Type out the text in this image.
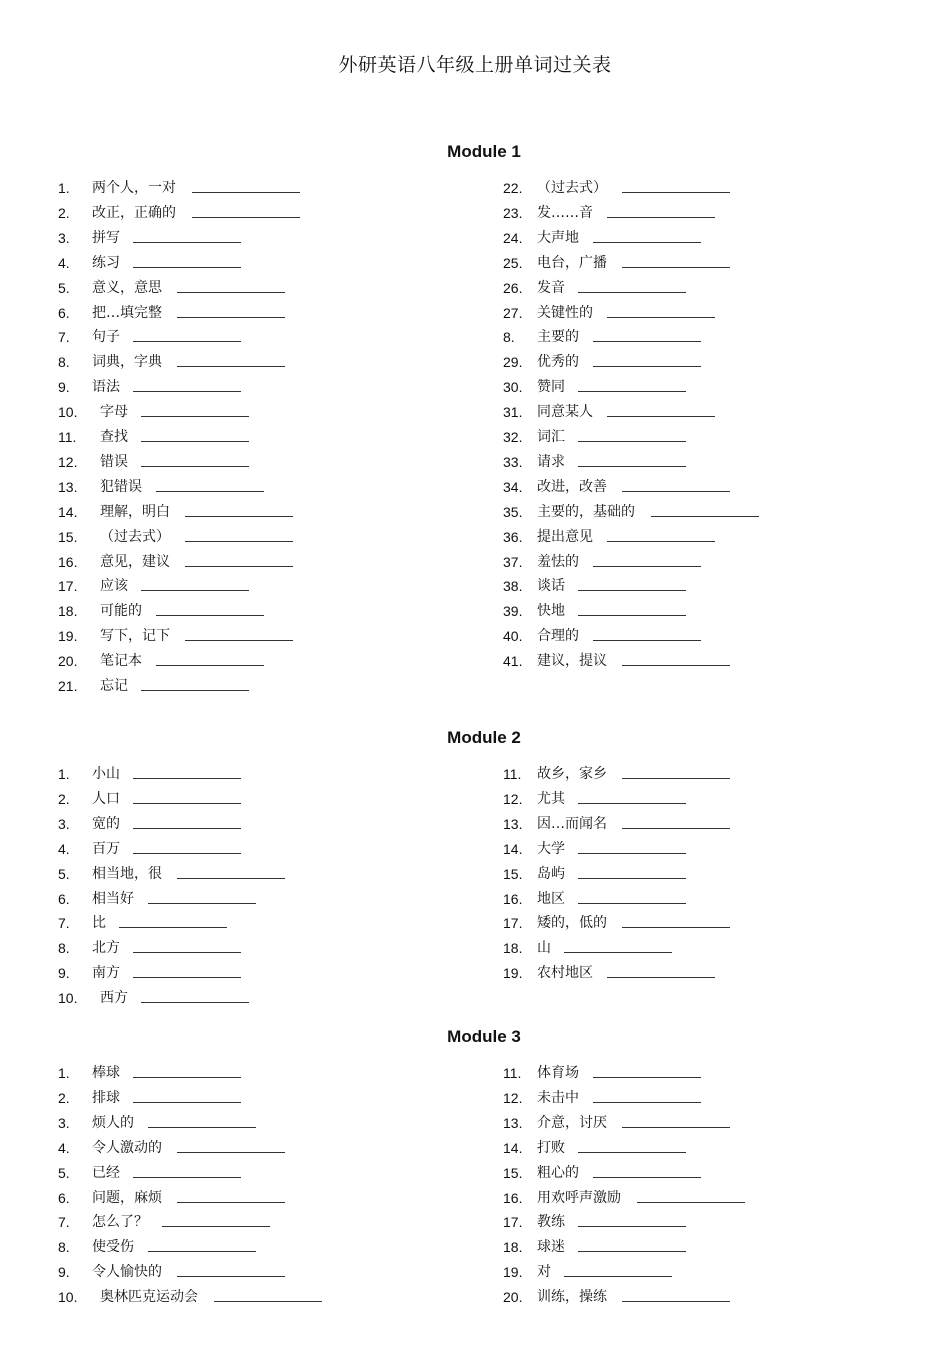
外研英语八年级上册单词过关表
Module 1
1. 两个人，一对
2. 改正，正确的
3. 拼写
4. 练习
5. 意义，意思
6. 把…填完整
7. 句子
8. 词典，字典
9. 语法
10. 字母
11. 查找
12. 错误
13. 犯错误
14. 理解，明白
15. （过去式）
16. 意见，建议
17. 应该
18. 可能的
19. 写下，记下
20. 笔记本
21. 忘记
22. （过去式）
23. 发……音
24. 大声地
25. 电台，广播
26. 发音
27. 关键性的
8. 主要的
29. 优秀的
30. 赞同
31. 同意某人
32. 词汇
33. 请求
34. 改进，改善
35. 主要的，基础的
36. 提出意见
37. 羞怯的
38. 谈话
39. 快地
40. 合理的
41. 建议，提议
Module 2
1. 小山
2. 人口
3. 宽的
4. 百万
5. 相当地，很
6. 相当好
7. 比
8. 北方
9. 南方
10. 西方
11. 故乡，家乡
12. 尤其
13. 因…而闻名
14. 大学
15. 岛屿
16. 地区
17. 矮的，低的
18. 山
19. 农村地区
Module 3
1. 棒球
2. 排球
3. 烦人的
4. 令人激动的
5. 已经
6. 问题，麻烦
7. 怎么了？
8. 使受伤
9. 令人愉快的
10. 奥林匹克运动会
11. 体育场
12. 未击中
13. 介意，讨厌
14. 打败
15. 粗心的
16. 用欢呼声激励
17. 教练
18. 球迷
19. 对
20. 训练，操练
